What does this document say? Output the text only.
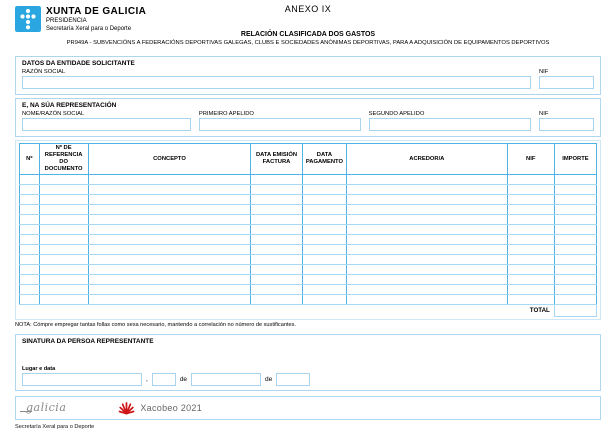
XUNTA DE GALICIA
PRESIDENCIA
Secretaría Xeral para o Deporte
ANEXO IX
RELACIÓN CLASIFICADA DOS GASTOS
PR949A - SUBVENCIÓNS A FEDERACIÓNS DEPORTIVAS GALEGAS, CLUBS E SOCIEDADES ANÓNIMAS DEPORTIVAS, PARA A ADQUISICIÓN DE EQUIPAMENTOS DEPORTIVOS
DATOS DA ENTIDADE SOLICITANTE
RAZÓN SOCIAL	NIF
E, NA SÚA REPRESENTACIÓN
NOME/RAZÓN SOCIAL	PRIMEIRO APELIDO	SEGUNDO APELIDO	NIF
Nº	Nº DE REFERENCIA DO DOCUMENTO	CONCEPTO	DATA EMISIÓN FACTURA	DATA PAGAMENTO	ACREDOR/A	NIF	IMPORTE

TOTAL							
NOTA: Cómpre empregar tantas follas como sexa necesario, mantendo a correlación no número de xustificantes.
SINATURA DA PERSOA REPRESENTANTE
Lugar e data
,	de	de
galicia	Xacobeo 2021
Secretaría Xeral para o Deporte
